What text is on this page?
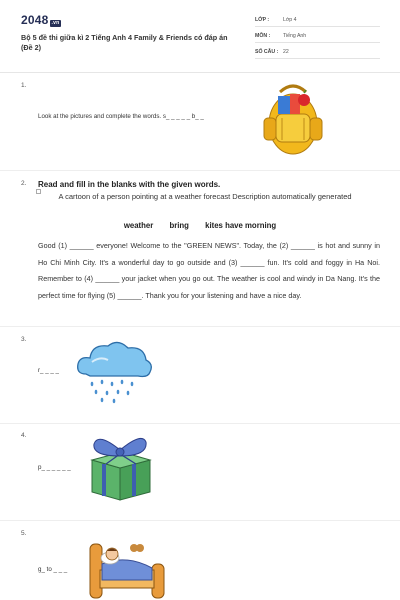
2048 .vn
Bộ 5 đề thi giữa kì 2 Tiếng Anh 4 Family & Friends có đáp án (Đề 2)
LỚP :	Lớp 4
MÔN : Tiếng Anh
SỐ CÂU : 22
1.
Look at the pictures and complete the words. s_ _ _ _ _ b_ _
2. Read and fill in the blanks with the given words.
A cartoon of a person pointing at a weather forecast Description automatically generated
weather bring kites have morning

Good (1) ______ everyone! Welcome to the "GREEN NEWS". Today, the (2) ______ is hot and sunny in Ho Chi Minh City. It's a wonderful day to go outside and (3) ______ fun. It's cold and foggy in Ha Noi. Remember to (4) ______ your jacket when you go out. The weather is cool and windy in Da Nang. It's the perfect time for flying (5) ______. Thank you for your listening and have a nice day.

3.
r_ _ _ _
4.
p_ _ _ _ _ _
5.
g_ to _ _ _
